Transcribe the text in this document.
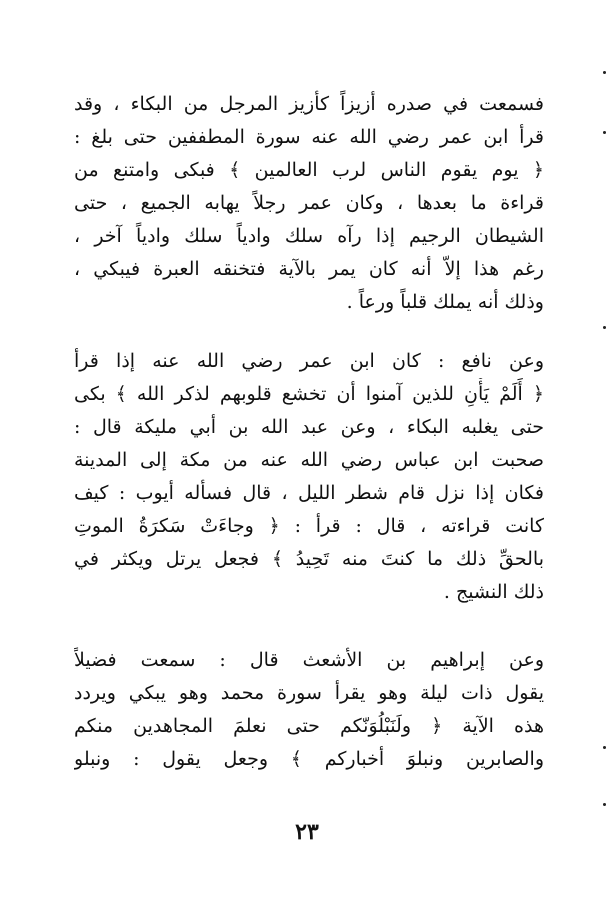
فسمعت في صدره أزيزاً كأزيز المرجل من البكاء ، وقد
قرأ ابن عمر رضي الله عنه سورة المطففين حتى بلغ :
﴿ يوم يقوم الناس لرب العالمين ﴾ فبكى وامتنع من
قراءة ما بعدها ، وكان عمر رجلاً يهابه الجميع ، حتى
الشيطان الرجيم إذا رآه سلك وادياً سلك وادياً آخر ،
رغم هذا إلاّ أنه كان يمر بالآية فتخنقه العبرة فيبكي ،
وذلك أنه يملك قلباً ورعاً .
وعن نافع : كان ابن عمر رضي الله عنه إذا قرأ
﴿ أَلَمْ يَأْنِ للذين آمنوا أن تخشع قلوبهم لذكر الله ﴾ بكى
حتى يغلبه البكاء ، وعن عبد الله بن أبي مليكة قال :
صحبت ابن عباس رضي الله عنه من مكة إلى المدينة
فكان إذا نزل قام شطر الليل ، قال فسأله أيوب : كيف
كانت قراءته ، قال : قرأ : ﴿ وجاءَتْ سَكرَةُ الموتِ
بالحقِّ ذلك ما كنتَ منه تَحِيدُ ﴾ فجعل يرتل ويكثر في
ذلك النشيج .
وعن إبراهيم بن الأشعث قال : سمعت فضيلاً
يقول ذات ليلة وهو يقرأ سورة محمد وهو يبكي ويردد
هذه الآية ﴿ ولَنَبْلُوَنّكم حتى نعلمَ المجاهدين منكم
والصابرين ونبلوَ أخباركم ﴾ وجعل يقول : ونبلو
٢٣
